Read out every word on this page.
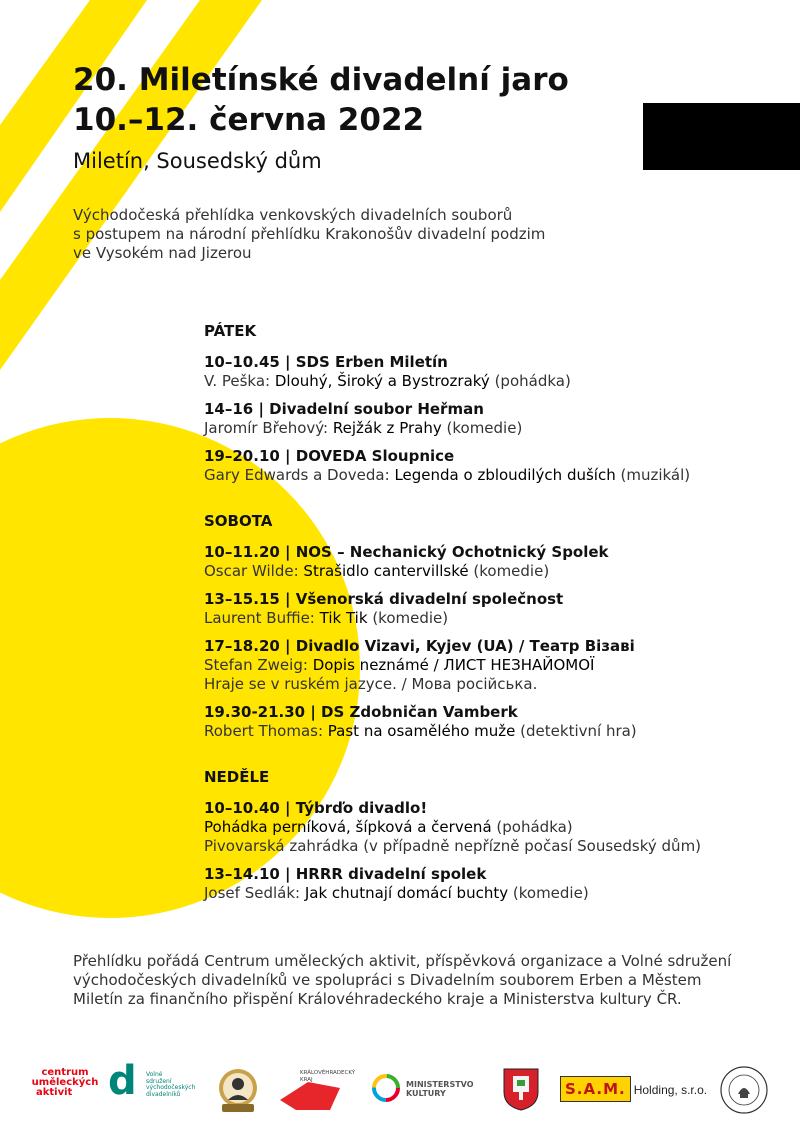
20. Miletínské divadelní jaro
10.–12. června 2022
Miletín, Sousedský dům
Východočeská přehlídka venkovských divadelních souborů
s postupem na národní přehlídku Krakonošův divadelní podzim
ve Vysokém nad Jizerou
PÁTEK
10–10.45 | SDS Erben Miletín
V. Peška: Dlouhý, Široký a Bystrozraký (pohádka)
14–16 | Divadelní soubor Heřman
Jaromír Břehový: Rejžák z Prahy (komedie)
19–20.10 | DOVEDA Sloupnice
Gary Edwards a Doveda: Legenda o zbloudilých duších (muzikál)
SOBOTA
10–11.20 | NOS – Nechanický Ochotnický Spolek
Oscar Wilde: Strašidlo cantervillské (komedie)
13–15.15 | Všenorská divadelní společnost
Laurent Buffie: Tik Tik (komedie)
17–18.20 | Divadlo Vizavi, Kyjev (UA) / Театр Візаві
Stefan Zweig: Dopis neznámé / ЛИСТ НЕЗНАЙОМОЇ
Hraje se v ruském jazyce. / Мова російська.
19.30-21.30 | DS Zdobničan Vamberk
Robert Thomas: Past na osamělého muže (detektivní hra)
NEDĚLE
10–10.40 | Týbrďo divadlo!
Pohádka perníková, šípková a červená (pohádka)
Pivovarská zahrádka (v případně nepřízně počasí Sousedský dům)
13–14.10 | HRRR divadelní spolek
Josef Sedlák: Jak chutnají domácí buchty (komedie)
Přehlídku pořádá Centrum uměleckých aktivit, příspěvková organizace a Volné sdružení
východočeských divadelníků ve spolupráci s Divadelním souborem Erben a Městem
Miletín za finančního přispění Královéhradeckého kraje a Ministerstva kultury ČR.
centrum
uměleckých
aktivit d Volné
sdružení
východočeských
divadelníků
KRÁLOVÉHRADECKÝ
KRAJ	MINISTERSTVO
KULTURY	S.A.M. Holding, s.r.o.
